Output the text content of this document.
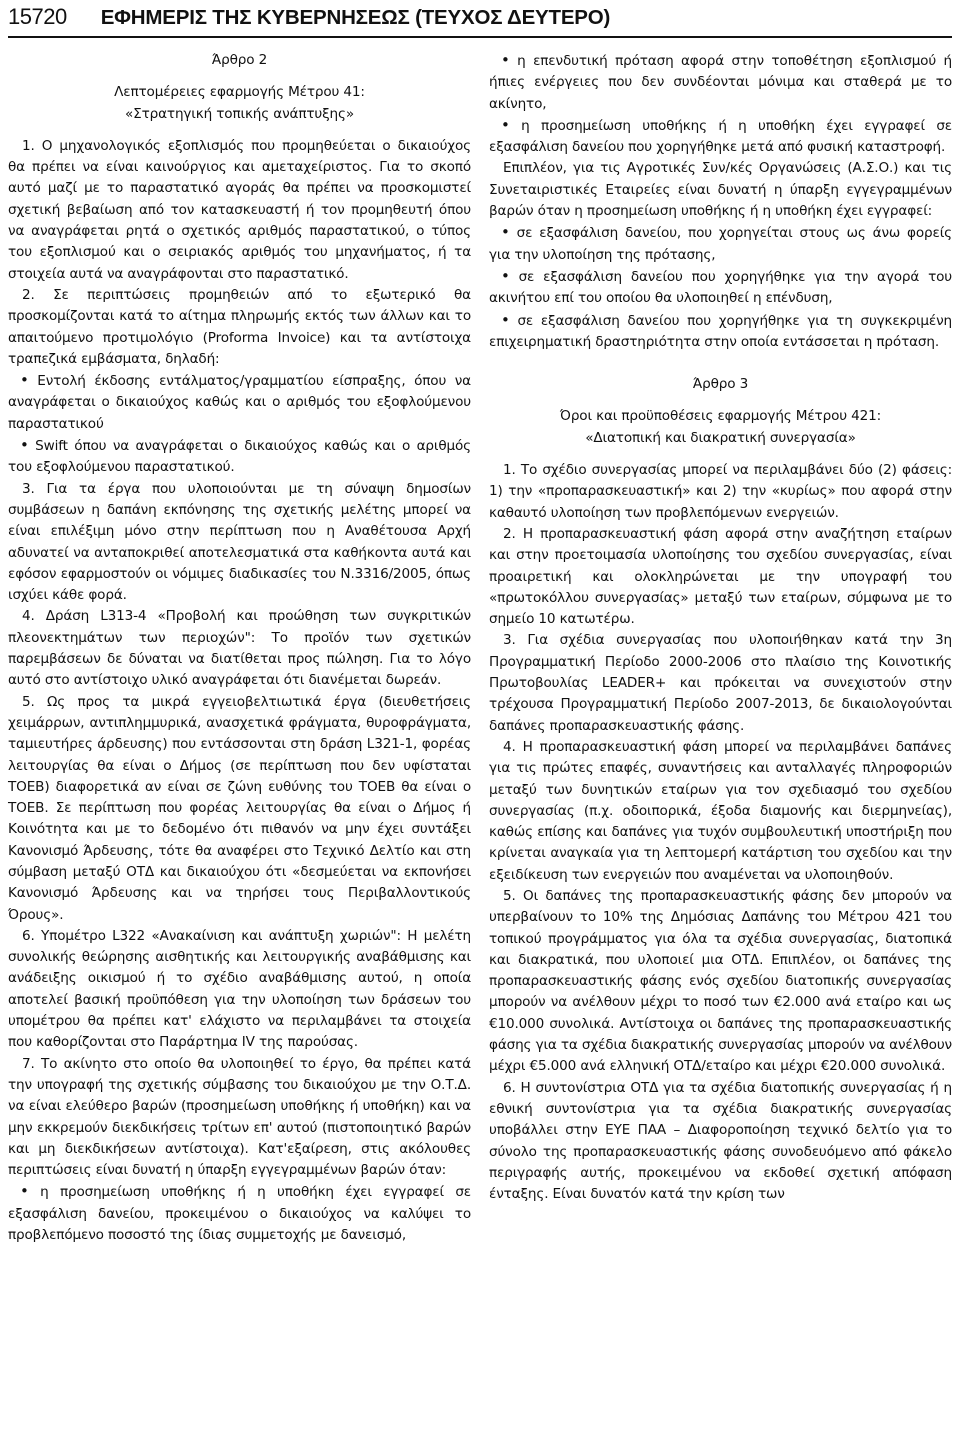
15720 ΕΦΗΜΕΡΙΣ ΤΗΣ ΚΥΒΕΡΝΗΣΕΩΣ (ΤΕΥΧΟΣ ΔΕΥΤΕΡΟ)

Άρθρο 2

Λεπτομέρειες εφαρμογής Μέτρου 41:

«Στρατηγική τοπικής ανάπτυξης»

1. Ο μηχανολογικός εξοπλισμός που προμηθεύεται ο δικαιούχος θα πρέπει να είναι καινούργιος και αμεταχείριστος. Για το σκοπό αυτό μαζί με το παραστατικό αγοράς θα πρέπει να προσκομιστεί σχετική βεβαίωση από τον κατασκευαστή ή τον προμηθευτή όπου να αναγράφεται ρητά ο σχετικός αριθμός παραστατικού, ο τύπος του εξοπλισμού και ο σειριακός αριθμός του μηχανήματος, ή τα στοιχεία αυτά να αναγράφονται στο παραστατικό.

2. Σε περιπτώσεις προμηθειών από το εξωτερικό θα προσκομίζονται κατά το αίτημα πληρωμής εκτός των άλλων και το απαιτούμενο προτιμολόγιο (Proforma Invoice) και τα αντίστοιχα τραπεζικά εμβάσματα, δηλαδή:

• Εντολή έκδοσης εντάλματος/γραμματίου είσπραξης, όπου να αναγράφεται ο δικαιούχος καθώς και ο αριθμός του εξοφλούμενου παραστατικού

• Swift όπου να αναγράφεται ο δικαιούχος καθώς και ο αριθμός του εξοφλούμενου παραστατικού.

3. Για τα έργα που υλοποιούνται με τη σύναψη δημοσίων συμβάσεων η δαπάνη εκπόνησης της σχετικής μελέτης μπορεί να είναι επιλέξιμη μόνο στην περίπτωση που η Αναθέτουσα Αρχή αδυνατεί να ανταποκριθεί αποτελεσματικά στα καθήκοντα αυτά και εφόσον εφαρμοστούν οι νόμιμες διαδικασίες του Ν.3316/2005, όπως ισχύει κάθε φορά.

4. Δράση L313-4 «Προβολή και προώθηση των συγκριτικών πλεονεκτημάτων των περιοχών": Το προϊόν των σχετικών παρεμβάσεων δε δύναται να διατίθεται προς πώληση. Για το λόγο αυτό στο αντίστοιχο υλικό αναγράφεται ότι διανέμεται δωρεάν.

5. Ως προς τα μικρά εγγειοβελτιωτικά έργα (διευθετήσεις χειμάρρων, αντιπλημμυρικά, ανασχετικά φράγματα, θυροφράγματα, ταμιευτήρες άρδευσης) που εντάσσονται στη δράση L321-1, φορέας λειτουργίας θα είναι ο Δήμος (σε περίπτωση που δεν υφίσταται ΤΟΕΒ) διαφορετικά αν είναι σε ζώνη ευθύνης του ΤΟΕΒ θα είναι ο ΤΟΕΒ. Σε περίπτωση που φορέας λειτουργίας θα είναι ο Δήμος ή Κοινότητα και με το δεδομένο ότι πιθανόν να μην έχει συντάξει Κανονισμό Άρδευσης, τότε θα αναφέρει στο Τεχνικό Δελτίο και στη σύμβαση μεταξύ ΟΤΔ και δικαιούχου ότι «δεσμεύεται να εκπονήσει Κανονισμό Άρδευσης και να τηρήσει τους Περιβαλλοντικούς Όρους».

6. Υπομέτρο L322 «Ανακαίνιση και ανάπτυξη χωριών": Η μελέτη συνολικής θεώρησης αισθητικής και λειτουργικής αναβάθμισης και ανάδειξης οικισμού ή το σχέδιο αναβάθμισης αυτού, η οποία αποτελεί βασική προϋπόθεση για την υλοποίηση των δράσεων του υπομέτρου θα πρέπει κατ' ελάχιστο να περιλαμβάνει τα στοιχεία που καθορίζονται στο Παράρτημα IV της παρούσας.

7. Το ακίνητο στο οποίο θα υλοποιηθεί το έργο, θα πρέπει κατά την υπογραφή της σχετικής σύμβασης του δικαιούχου με την Ο.Τ.Δ. να είναι ελεύθερο βαρών (προσημείωση υποθήκης ή υποθήκη) και να μην εκκρεμούν διεκδικήσεις τρίτων επ' αυτού (πιστοποιητικό βαρών και μη διεκδικήσεων αντίστοιχα). Κατ'εξαίρεση, στις ακόλουθες περιπτώσεις είναι δυνατή η ύπαρξη εγγεγραμμένων βαρών όταν:

• η προσημείωση υποθήκης ή η υποθήκη έχει εγγραφεί σε εξασφάλιση δανείου, προκειμένου ο δικαιούχος να καλύψει το προβλεπόμενο ποσοστό της ίδιας συμμετοχής με δανεισμό,

• η επενδυτική πρόταση αφορά στην τοποθέτηση εξοπλισμού ή ήπιες ενέργειες που δεν συνδέονται μόνιμα και σταθερά με το ακίνητο,

• η προσημείωση υποθήκης ή η υποθήκη έχει εγγραφεί σε εξασφάλιση δανείου που χορηγήθηκε μετά από φυσική καταστροφή.

Επιπλέον, για τις Αγροτικές Συν/κές Οργανώσεις (Α.Σ.Ο.) και τις Συνεταιριστικές Εταιρείες είναι δυνατή η ύπαρξη εγγεγραμμένων βαρών όταν η προσημείωση υποθήκης ή η υποθήκη έχει εγγραφεί:

• σε εξασφάλιση δανείου, που χορηγείται στους ως άνω φορείς για την υλοποίηση της πρότασης,

• σε εξασφάλιση δανείου που χορηγήθηκε για την αγορά του ακινήτου επί του οποίου θα υλοποιηθεί η επένδυση,

• σε εξασφάλιση δανείου που χορηγήθηκε για τη συγκεκριμένη επιχειρηματική δραστηριότητα στην οποία εντάσσεται η πρόταση.

Άρθρο 3

Όροι και προϋποθέσεις εφαρμογής Μέτρου 421:

«Διατοπική και διακρατική συνεργασία»

1. Το σχέδιο συνεργασίας μπορεί να περιλαμβάνει δύο (2) φάσεις: 1) την «προπαρασκευαστική» και 2) την «κυρίως» που αφορά στην καθαυτό υλοποίηση των προβλεπόμενων ενεργειών.

2. Η προπαρασκευαστική φάση αφορά στην αναζήτηση εταίρων και στην προετοιμασία υλοποίησης του σχεδίου συνεργασίας, είναι προαιρετική και ολοκληρώνεται με την υπογραφή του «πρωτοκόλλου συνεργασίας» μεταξύ των εταίρων, σύμφωνα με το σημείο 10 κατωτέρω.

3. Για σχέδια συνεργασίας που υλοποιήθηκαν κατά την 3η Προγραμματική Περίοδο 2000-2006 στο πλαίσιο της Κοινοτικής Πρωτοβουλίας LEADER+ και πρόκειται να συνεχιστούν στην τρέχουσα Προγραμματική Περίοδο 2007-2013, δε δικαιολογούνται δαπάνες προπαρασκευαστικής φάσης.

4. Η προπαρασκευαστική φάση μπορεί να περιλαμβάνει δαπάνες για τις πρώτες επαφές, συναντήσεις και ανταλλαγές πληροφοριών μεταξύ των δυνητικών εταίρων για τον σχεδιασμό του σχεδίου συνεργασίας (π.χ. οδοιπορικά, έξοδα διαμονής και διερμηνείας), καθώς επίσης και δαπάνες για τυχόν συμβουλευτική υποστήριξη που κρίνεται αναγκαία για τη λεπτομερή κατάρτιση του σχεδίου και την εξειδίκευση των ενεργειών που αναμένεται να υλοποιηθούν.

5. Οι δαπάνες της προπαρασκευαστικής φάσης δεν μπορούν να υπερβαίνουν το 10% της Δημόσιας Δαπάνης του Μέτρου 421 του τοπικού προγράμματος για όλα τα σχέδια συνεργασίας, διατοπικά και διακρατικά, που υλοποιεί μια ΟΤΔ. Επιπλέον, οι δαπάνες της προπαρασκευαστικής φάσης ενός σχεδίου διατοπικής συνεργασίας μπορούν να ανέλθουν μέχρι το ποσό των €2.000 ανά εταίρο και ως €10.000 συνολικά. Αντίστοιχα οι δαπάνες της προπαρασκευαστικής φάσης για τα σχέδια διακρατικής συνεργασίας μπορούν να ανέλθουν μέχρι €5.000 ανά ελληνική ΟΤΔ/εταίρο και μέχρι €20.000 συνολικά.

6. Η συντονίστρια ΟΤΔ για τα σχέδια διατοπικής συνεργασίας ή η εθνική συντονίστρια για τα σχέδια διακρατικής συνεργασίας υποβάλλει στην ΕΥΕ ΠΑΑ – Διαφοροποίηση τεχνικό δελτίο για το σύνολο της προπαρασκευαστικής φάσης συνοδευόμενο από φάκελο περιγραφής αυτής, προκειμένου να εκδοθεί σχετική απόφαση ένταξης. Είναι δυνατόν κατά την κρίση των
